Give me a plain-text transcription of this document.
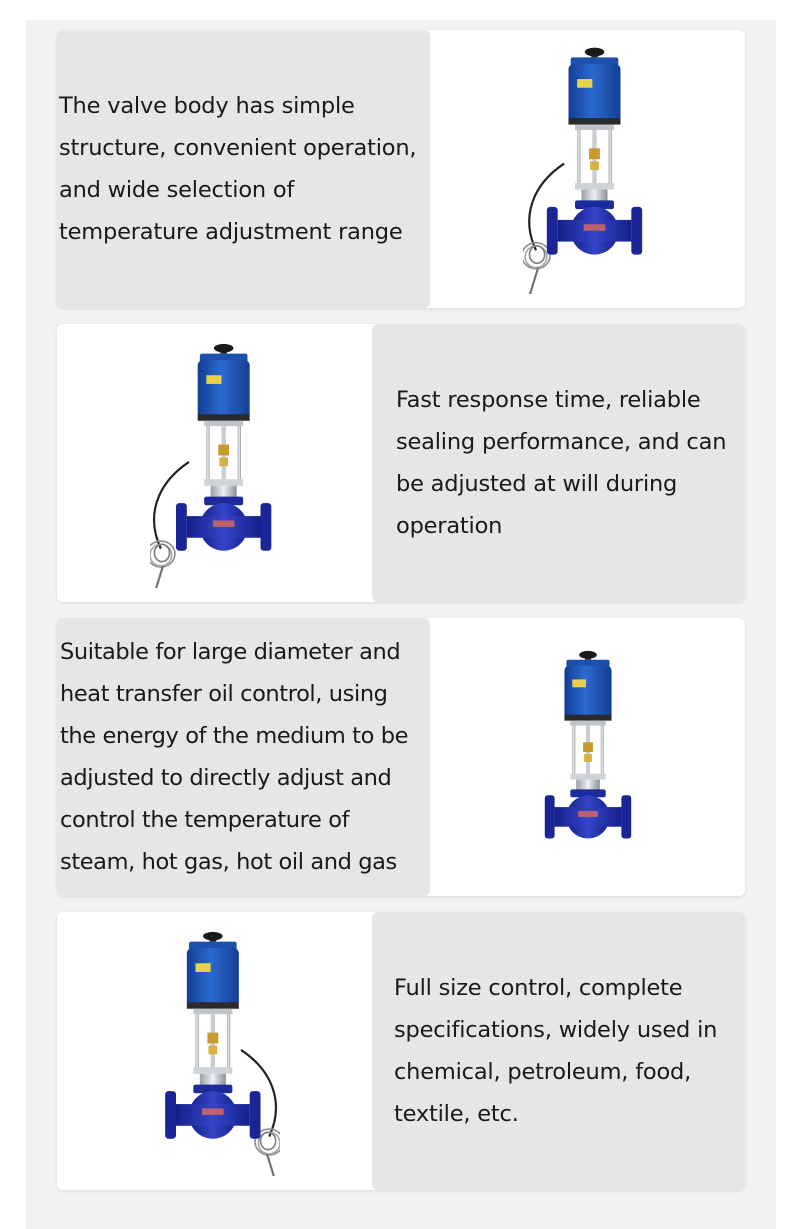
The valve body has simple structure, convenient operation, and wide selection of temperature adjustment range

Fast response time, reliable sealing performance, and can be adjusted at will during operation

Suitable for large diameter and heat transfer oil control, using the energy of the medium to be adjusted to directly adjust and control the temperature of steam, hot gas, hot oil and gas

Full size control, complete specifications, widely used in chemical, petroleum, food, textile, etc.
